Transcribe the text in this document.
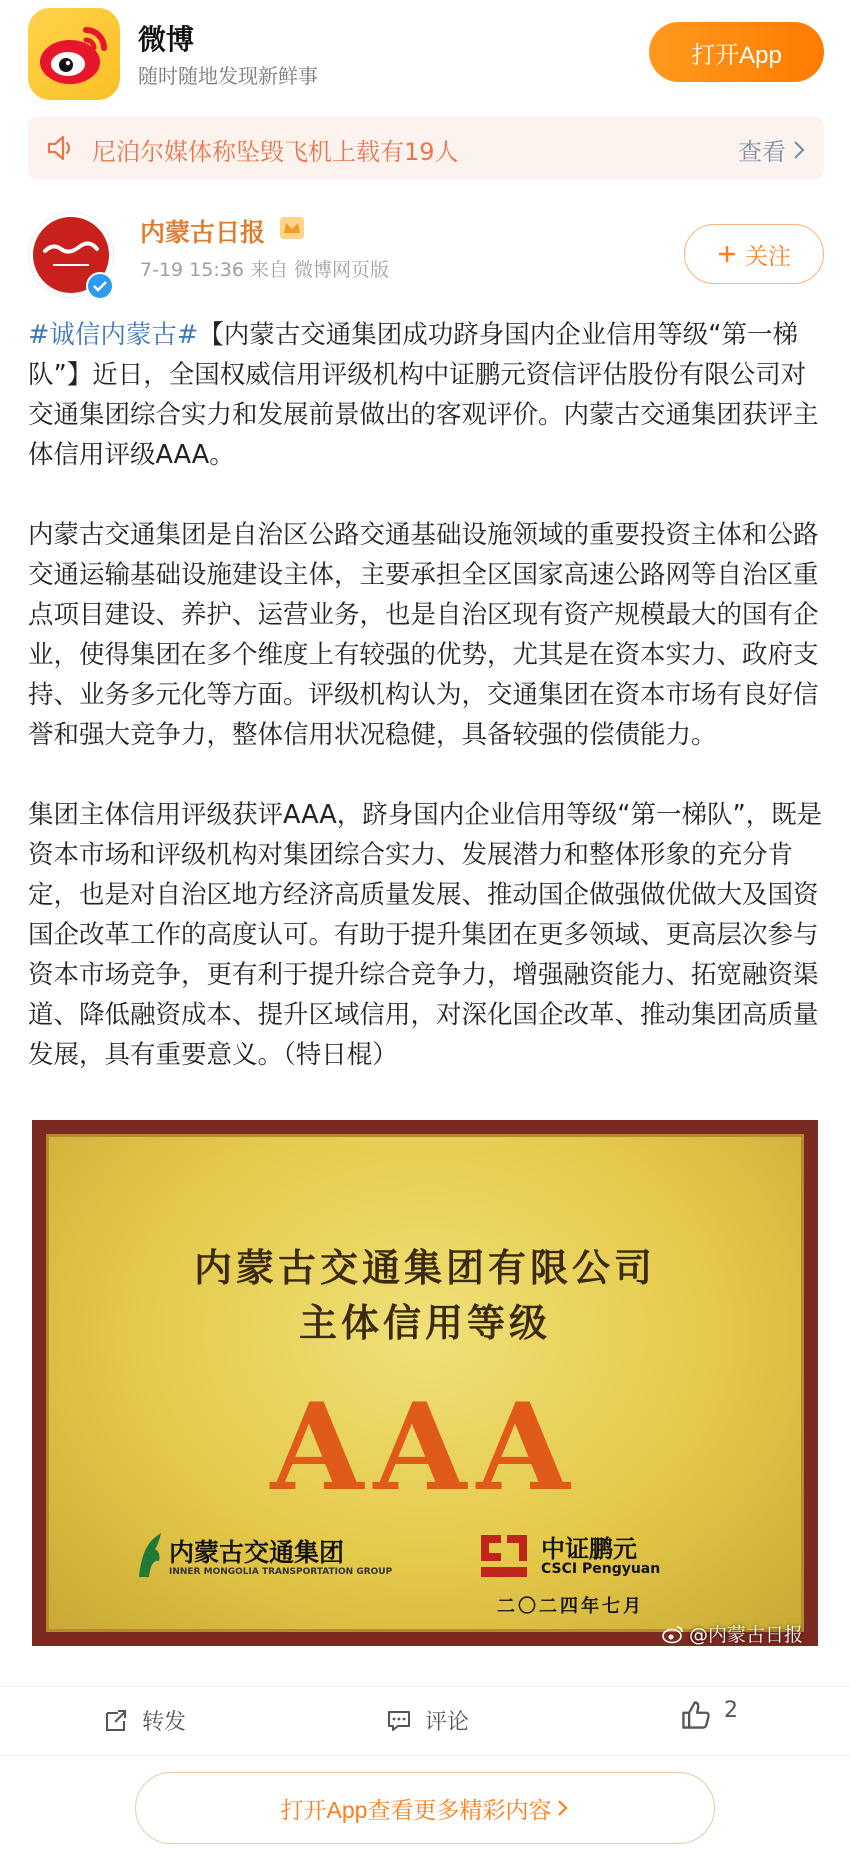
微博
随时随地发现新鲜事
打开App
尼泊尔媒体称坠毁飞机上载有19人	查看
内蒙古日报
7-19 15:36 来自 微博网页版
关注

#诚信内蒙古#【内蒙古交通集团成功跻身国内企业信用等级“第一梯队”】近日，全国权威信用评级机构中证鹏元资信评估股份有限公司对交通集团综合实力和发展前景做出的客观评价。内蒙古交通集团获评主体信用评级AAA。

内蒙古交通集团是自治区公路交通基础设施领域的重要投资主体和公路交通运输基础设施建设主体，主要承担全区国家高速公路网等自治区重点项目建设、养护、运营业务，也是自治区现有资产规模最大的国有企业，使得集团在多个维度上有较强的优势，尤其是在资本实力、政府支持、业务多元化等方面。评级机构认为，交通集团在资本市场有良好信誉和强大竞争力，整体信用状况稳健，具备较强的偿债能力。

集团主体信用评级获评AAA，跻身国内企业信用等级“第一梯队”，既是资本市场和评级机构对集团综合实力、发展潜力和整体形象的充分肯定，也是对自治区地方经济高质量发展、推动国企做强做优做大及国资国企改革工作的高度认可。有助于提升集团在更多领域、更高层次参与资本市场竞争，更有利于提升综合竞争力，增强融资能力、拓宽融资渠道、降低融资成本、提升区域信用，对深化国企改革、推动集团高质量发展，具有重要意义。（特日棍）

内蒙古交通集团有限公司
主体信用等级
AAA
内蒙古交通集团
INNER MONGOLIA TRANSPORTATION GROUP
中证鹏元
CSCI Pengyuan
二〇二四年七月
@内蒙古日报
转发	评论	2
打开App查看更多精彩内容
